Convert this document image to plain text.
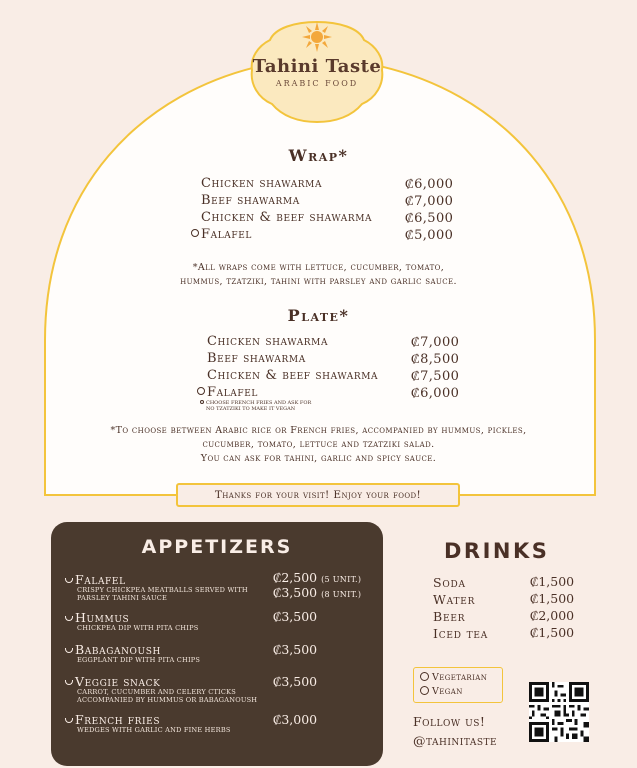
Tahini Taste
ARABIC FOOD
Wrap*
Chicken shawarma	₡6,000
Beef shawarma	₡7,000
Chicken & beef shawarma	₡6,500
Falafel	₡5,000
*All wraps come with lettuce, cucumber, tomato,
hummus, tzatziki, tahini with parsley and garlic sauce.
Plate*
Chicken shawarma	₡7,000
Beef shawarma	₡8,500
Chicken & beef shawarma	₡7,500
Falafel	₡6,000
CHOOSE FRENCH FRIES AND ASK FOR
NO TZATZIKI TO MAKE IT VEGAN
*To choose between Arabic rice or French fries, accompanied by hummus, pickles,
cucumber, tomato, lettuce and tzatziki salad.
You can ask for tahini, garlic and spicy sauce.
Thanks for your visit! Enjoy your food!
APPETIZERS
Falafel
CRISPY CHICKPEA MEATBALLS SERVED WITH
PARSLEY TAHINI SAUCE
₡2,500 (5 UNIT.)
₡3,500 (8 UNIT.)
Hummus
CHICKPEA DIP WITH PITA CHIPS
₡3,500
Babaganoush
EGGPLANT DIP WITH PITA CHIPS
₡3,500
Veggie snack
CARROT, CUCUMBER AND CELERY CTICKS
ACCOMPANIED BY HUMMUS OR BABAGANOUSH
₡3,500
French fries
WEDGES WITH GARLIC AND FINE HERBS
₡3,000
DRINKS
Soda	₡1,500
Water	₡1,500
Beer	₡2,000
Iced tea	₡1,500
Vegetarian
Vegan
Follow us!
@tahinitaste
